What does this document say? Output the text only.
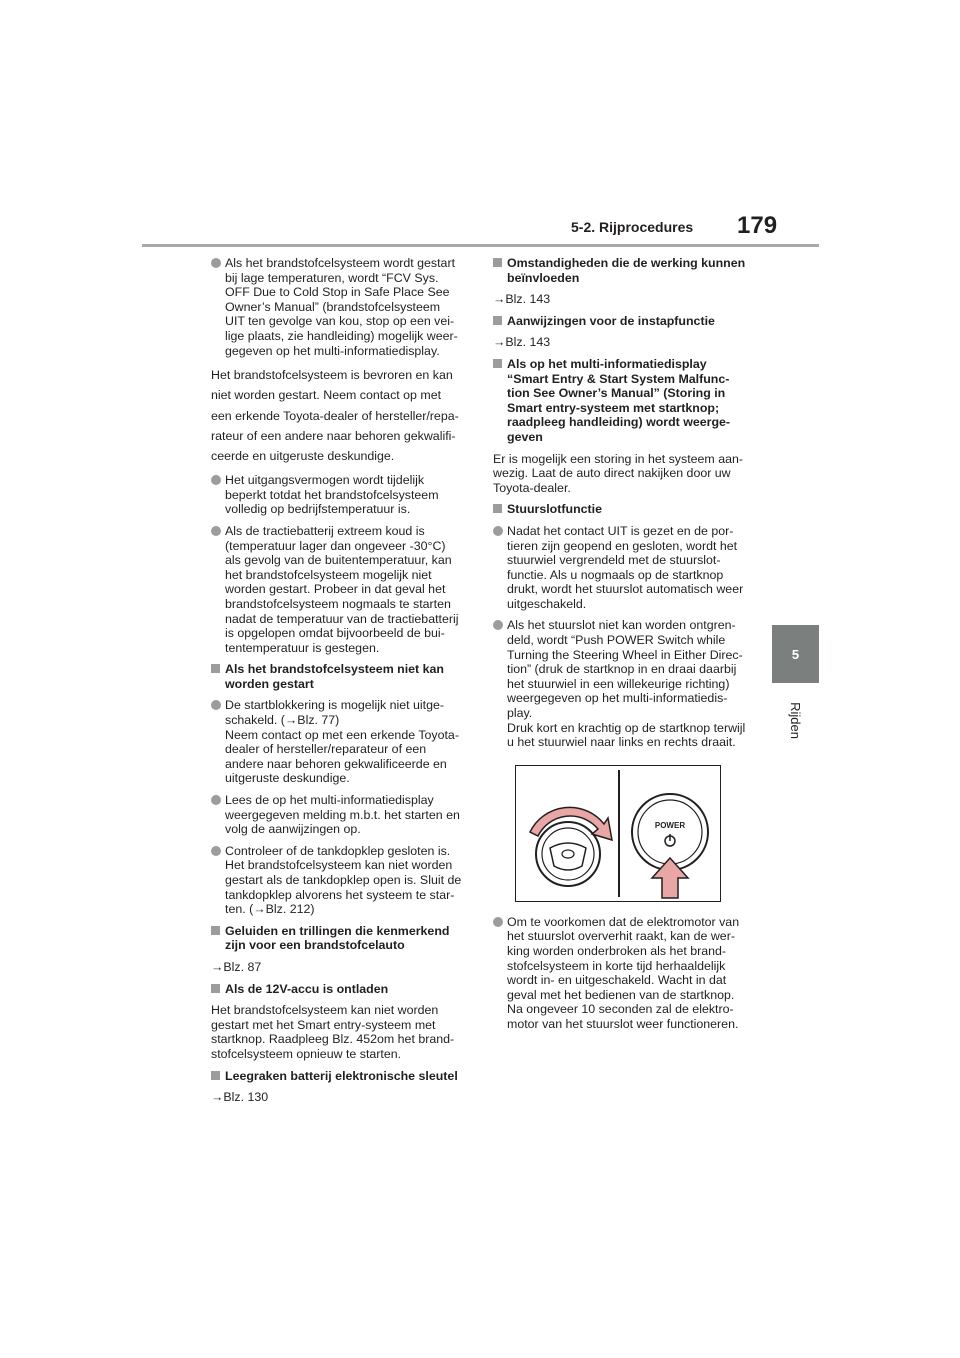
5-2. Rijprocedures 179
5
Rijden
Als het brandstofcelsysteem wordt gestart
bij lage temperaturen, wordt “FCV Sys.
OFF Due to Cold Stop in Safe Place See
Owner’s Manual” (brandstofcelsysteem
UIT ten gevolge van kou, stop op een vei-
lige plaats, zie handleiding) mogelijk weer-
gegeven op het multi-informatiedisplay.
Het brandstofcelsysteem is bevroren en kan
niet worden gestart. Neem contact op met
een erkende Toyota-dealer of hersteller/repa-
rateur of een andere naar behoren gekwalifi-
ceerde en uitgeruste deskundige.
Het uitgangsvermogen wordt tijdelijk
beperkt totdat het brandstofcelsysteem
volledig op bedrijfstemperatuur is.
Als de tractiebatterij extreem koud is
(temperatuur lager dan ongeveer -30°C)
als gevolg van de buitentemperatuur, kan
het brandstofcelsysteem mogelijk niet
worden gestart. Probeer in dat geval het
brandstofcelsysteem nogmaals te starten
nadat de temperatuur van de tractiebatterij
is opgelopen omdat bijvoorbeeld de bui-
tentemperatuur is gestegen.
Als het brandstofcelsysteem niet kan
worden gestart
De startblokkering is mogelijk niet uitge-
schakeld. (→Blz. 77)
Neem contact op met een erkende Toyota-
dealer of hersteller/reparateur of een
andere naar behoren gekwalificeerde en
uitgeruste deskundige.
Lees de op het multi-informatiedisplay
weergegeven melding m.b.t. het starten en
volg de aanwijzingen op.
Controleer of de tankdopklep gesloten is.
Het brandstofcelsysteem kan niet worden
gestart als de tankdopklep open is. Sluit de
tankdopklep alvorens het systeem te star-
ten. (→Blz. 212)
Geluiden en trillingen die kenmerkend
zijn voor een brandstofcelauto
→Blz. 87
Als de 12V-accu is ontladen
Het brandstofcelsysteem kan niet worden
gestart met het Smart entry-systeem met
startknop. Raadpleeg Blz. 452om het brand-
stofcelsysteem opnieuw te starten.
Leegraken batterij elektronische sleutel
→Blz. 130
Omstandigheden die de werking kunnen
beïnvloeden
→Blz. 143
Aanwijzingen voor de instapfunctie
→Blz. 143
Als op het multi-informatiedisplay
“Smart Entry & Start System Malfunc-
tion See Owner’s Manual” (Storing in
Smart entry-systeem met startknop;
raadpleeg handleiding) wordt weerge-
geven
Er is mogelijk een storing in het systeem aan-
wezig. Laat de auto direct nakijken door uw
Toyota-dealer.
Stuurslotfunctie
Nadat het contact UIT is gezet en de por-
tieren zijn geopend en gesloten, wordt het
stuurwiel vergrendeld met de stuurslot-
functie. Als u nogmaals op de startknop
drukt, wordt het stuurslot automatisch weer
uitgeschakeld.
Als het stuurslot niet kan worden ontgren-
deld, wordt “Push POWER Switch while
Turning the Steering Wheel in Either Direc-
tion” (druk de startknop in en draai daarbij
het stuurwiel in een willekeurige richting)
weergegeven op het multi-informatiedis-
play.
Druk kort en krachtig op de startknop terwijl
u het stuurwiel naar links en rechts draait.
POWER
Om te voorkomen dat de elektromotor van
het stuurslot oververhit raakt, kan de wer-
king worden onderbroken als het brand-
stofcelsysteem in korte tijd herhaaldelijk
wordt in- en uitgeschakeld. Wacht in dat
geval met het bedienen van de startknop.
Na ongeveer 10 seconden zal de elektro-
motor van het stuurslot weer functioneren.
